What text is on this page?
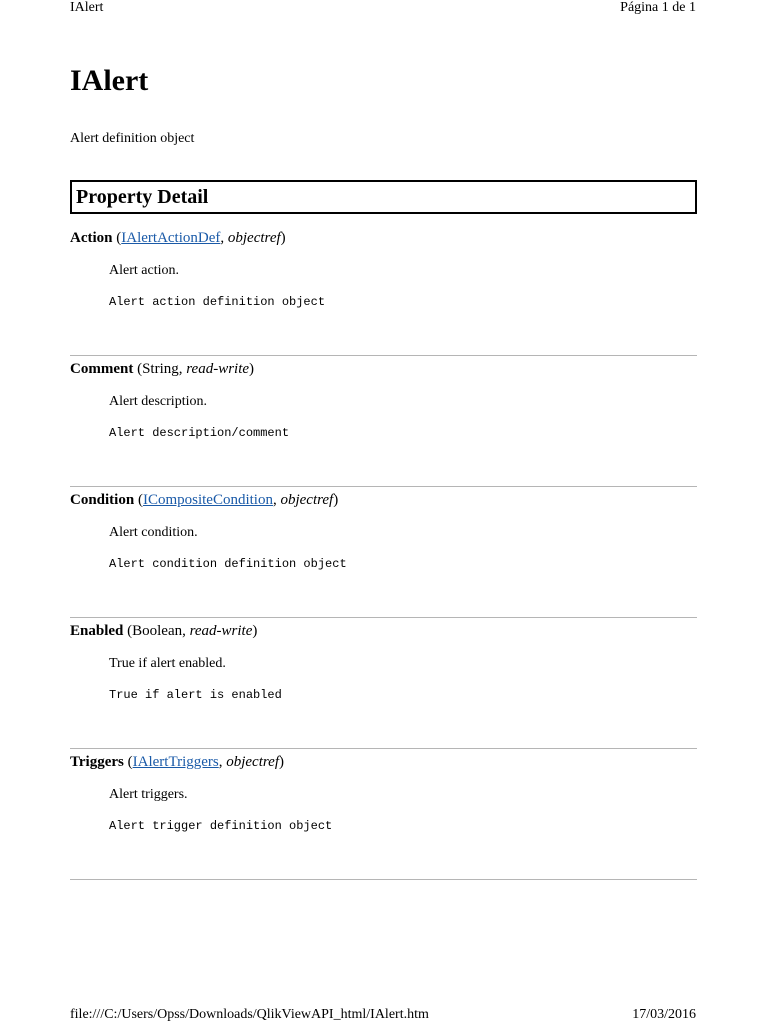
IAlert	Página 1 de 1
IAlert
Alert definition object
Property Detail
Action (IAlertActionDef, objectref)
Alert action.
Alert action definition object
Comment (String, read-write)
Alert description.
Alert description/comment
Condition (ICompositeCondition, objectref)
Alert condition.
Alert condition definition object
Enabled (Boolean, read-write)
True if alert enabled.
True if alert is enabled
Triggers (IAlertTriggers, objectref)
Alert triggers.
Alert trigger definition object
file:///C:/Users/Opss/Downloads/QlikViewAPI_html/IAlert.htm	17/03/2016
